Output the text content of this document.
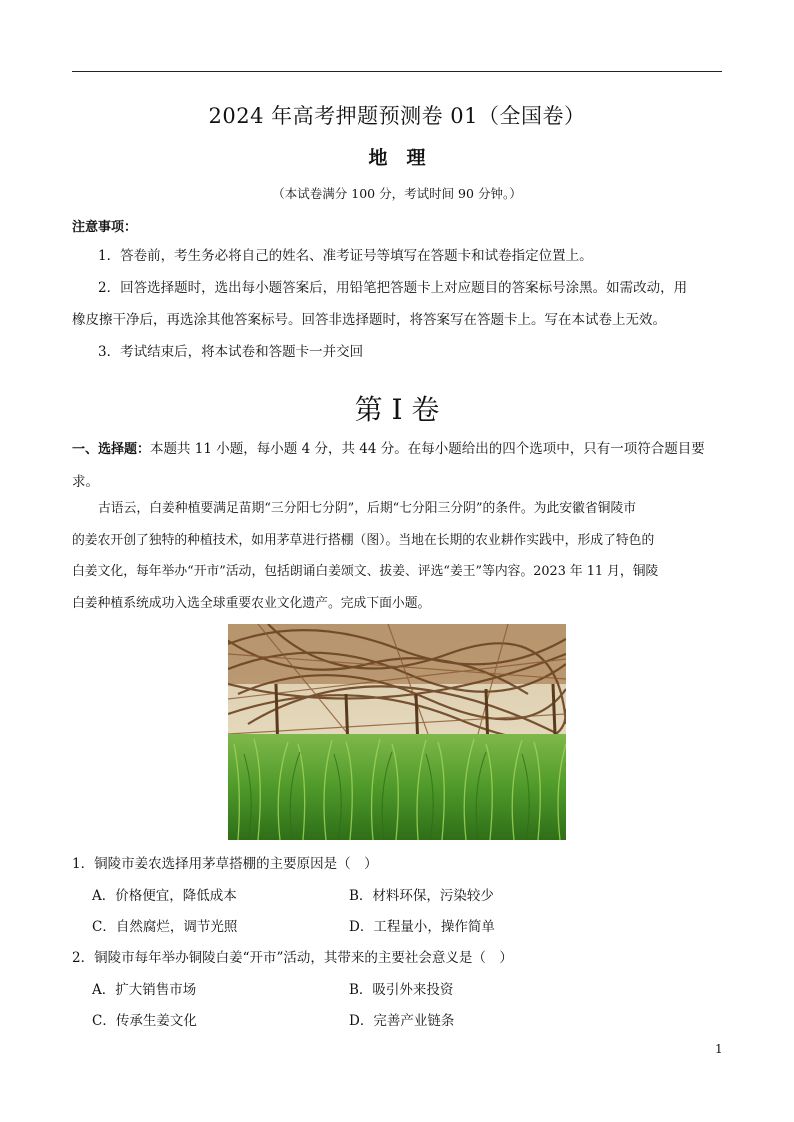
2024 年高考押题预测卷 01（全国卷）
地　理
（本试卷满分 100 分，考试时间 90 分钟。）
注意事项：
1．答卷前，考生务必将自己的姓名、准考证号等填写在答题卡和试卷指定位置上。
2．回答选择题时，选出每小题答案后，用铅笔把答题卡上对应题目的答案标号涂黑。如需改动，用
橡皮擦干净后，再选涂其他答案标号。回答非选择题时，将答案写在答题卡上。写在本试卷上无效。
3．考试结束后，将本试卷和答题卡一并交回
第 I 卷
一、选择题：本题共 11 小题，每小题 4 分，共 44 分。在每小题给出的四个选项中，只有一项符合题目要
求。

古语云，白姜种植要满足苗期“三分阳七分阴”，后期“七分阳三分阴”的条件。为此安徽省铜陵市

的姜农开创了独特的种植技术，如用茅草进行搭棚（图）。当地在长期的农业耕作实践中，形成了特色的
白姜文化，每年举办“开市”活动，包括朗诵白姜颂文、拔姜、评选“姜王”等内容。2023 年 11 月，铜陵
白姜种植系统成功入选全球重要农业文化遗产。完成下面小题。
1．铜陵市姜农选择用茅草搭棚的主要原因是（　）
A．价格便宜，降低成本	B．材料环保，污染较少
C．自然腐烂，调节光照	D．工程量小，操作简单
2．铜陵市每年举办铜陵白姜“开市”活动，其带来的主要社会意义是（　）
A．扩大销售市场	B．吸引外来投资
C．传承生姜文化	D．完善产业链条
1
